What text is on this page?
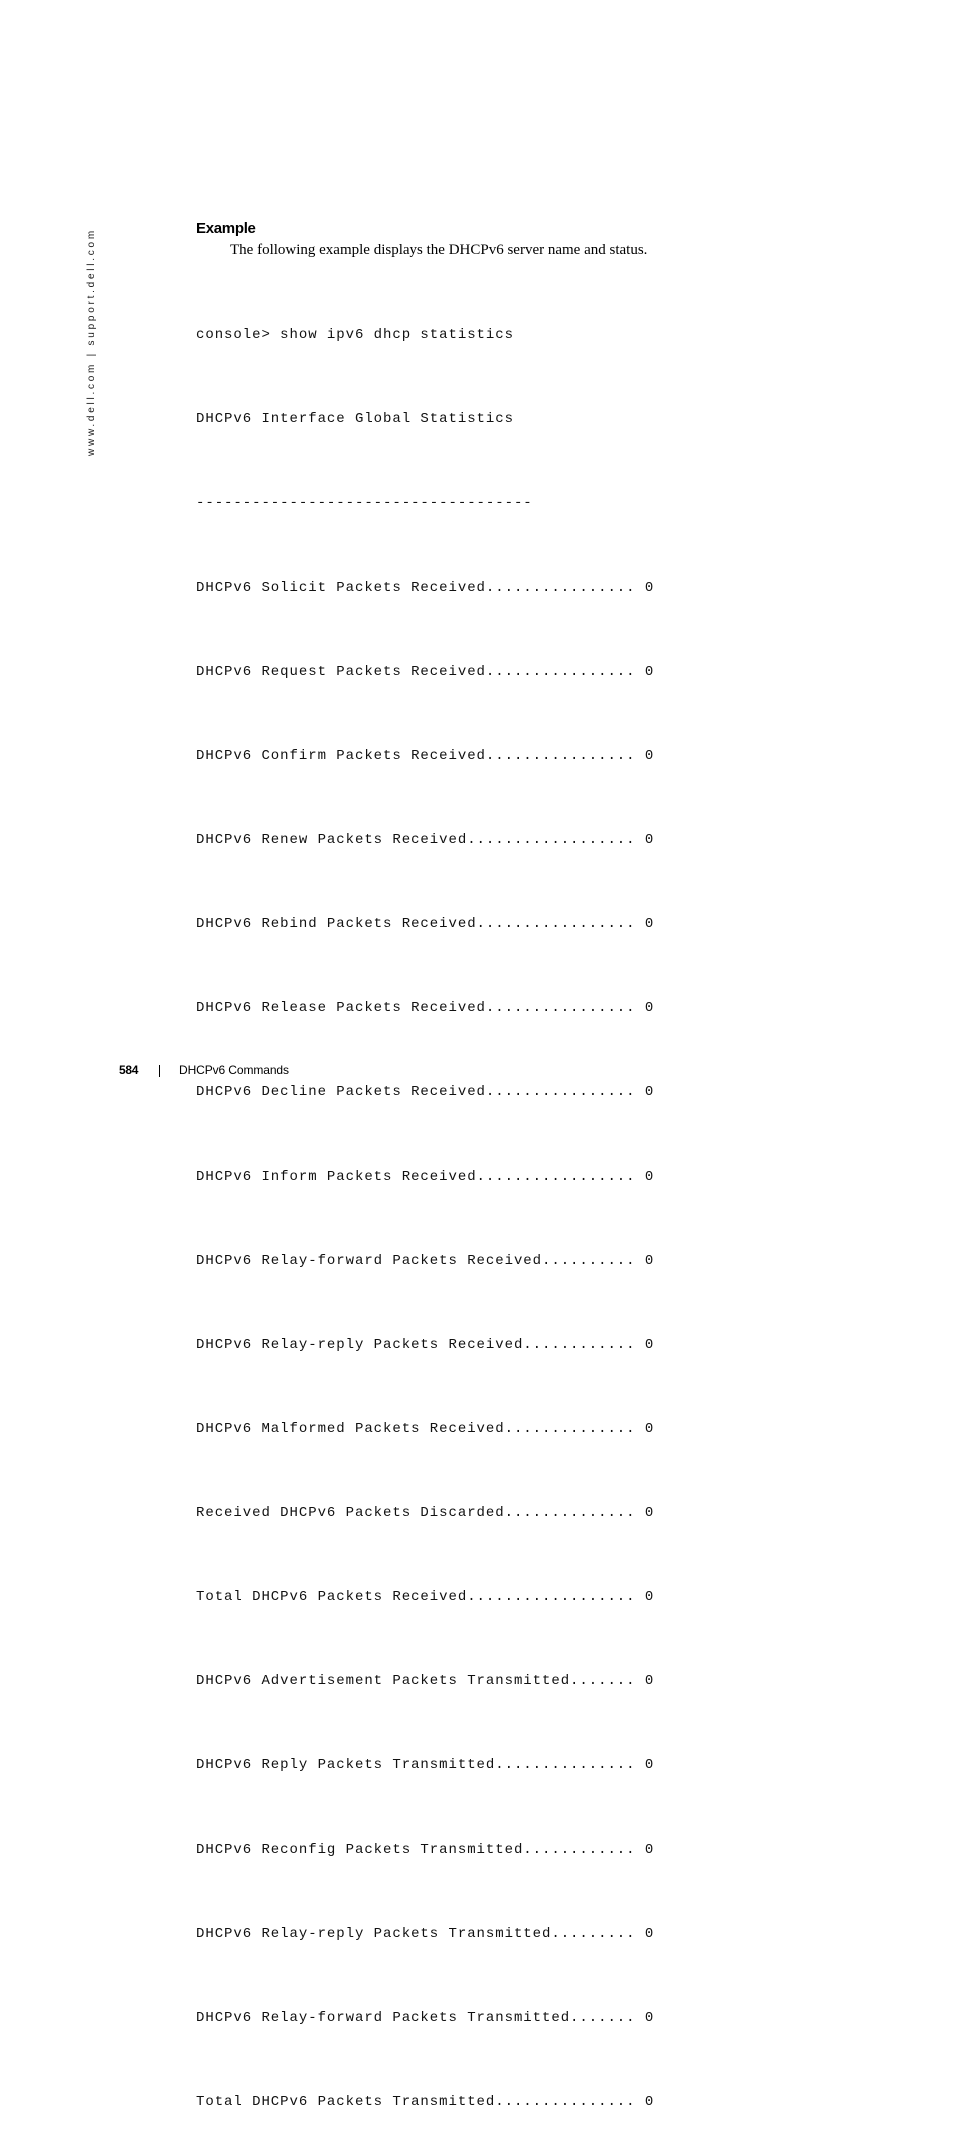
www.dell.com | support.dell.com	Example
The following example displays the DHCPv6 server name and status.

console> show ipv6 dhcp statistics

DHCPv6 Interface Global Statistics

------------------------------------

DHCPv6 Solicit Packets Received................ 0

DHCPv6 Request Packets Received................ 0

DHCPv6 Confirm Packets Received................ 0

DHCPv6 Renew Packets Received.................. 0

DHCPv6 Rebind Packets Received................. 0

DHCPv6 Release Packets Received................ 0

DHCPv6 Decline Packets Received................ 0

DHCPv6 Inform Packets Received................. 0

DHCPv6 Relay-forward Packets Received.......... 0

DHCPv6 Relay-reply Packets Received............ 0

DHCPv6 Malformed Packets Received.............. 0

Received DHCPv6 Packets Discarded.............. 0

Total DHCPv6 Packets Received.................. 0

DHCPv6 Advertisement Packets Transmitted....... 0

DHCPv6 Reply Packets Transmitted............... 0

DHCPv6 Reconfig Packets Transmitted............ 0

DHCPv6 Relay-reply Packets Transmitted......... 0

DHCPv6 Relay-forward Packets Transmitted....... 0

Total DHCPv6 Packets Transmitted............... 0

584	DHCPv6 Commands
